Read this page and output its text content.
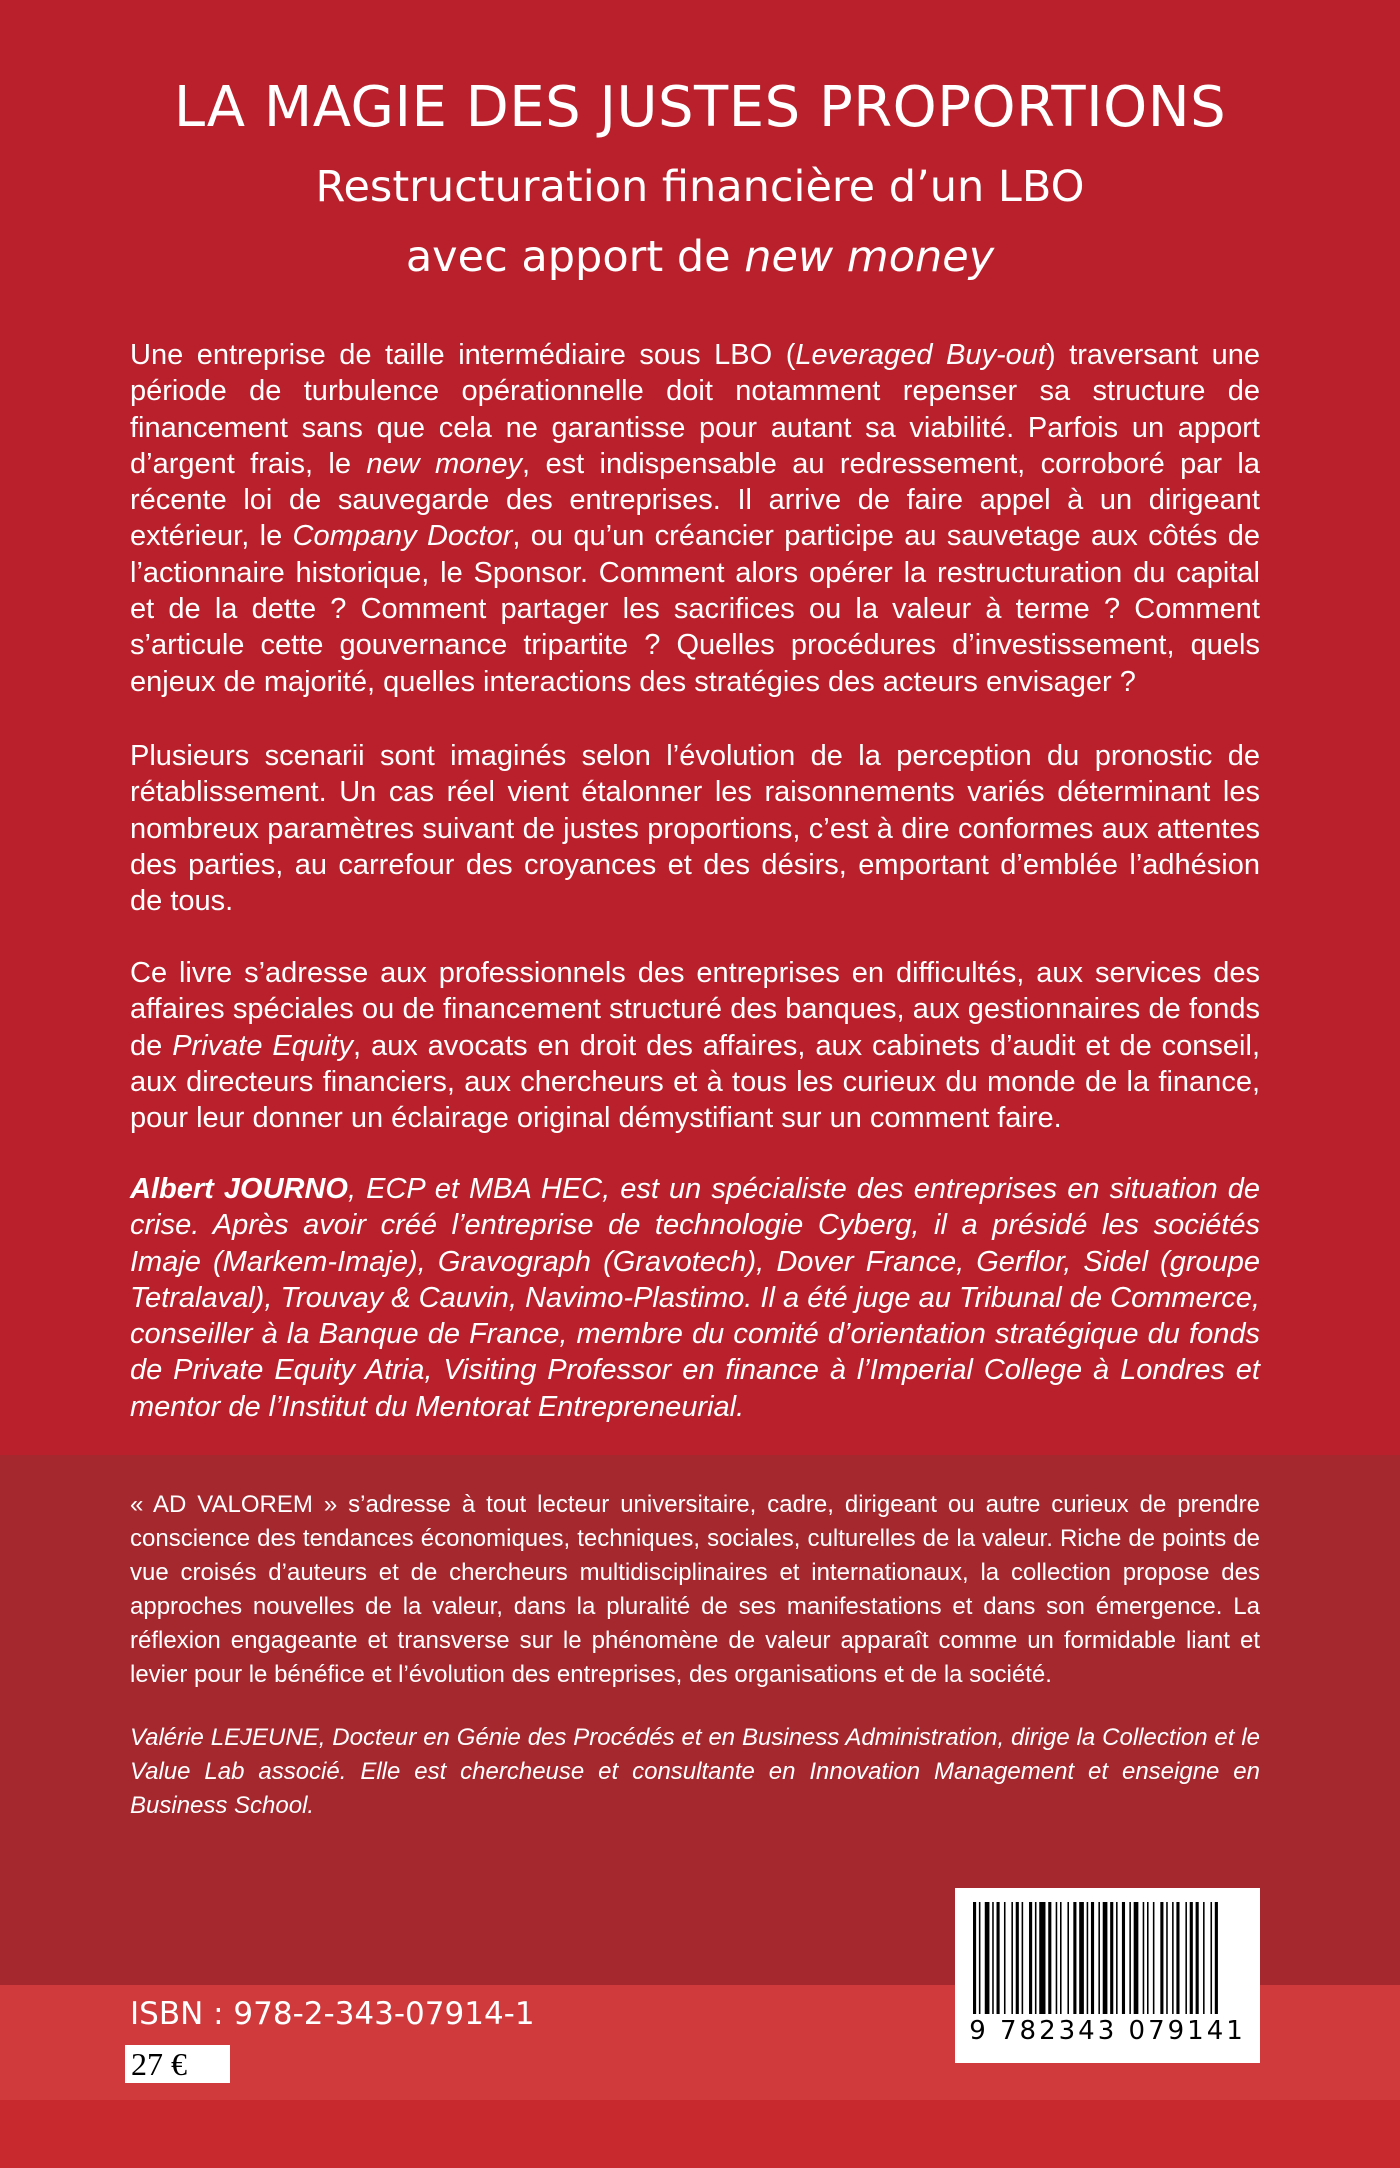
LA MAGIE DES JUSTES PROPORTIONS

Restructuration financière d’un LBO

avec apport de new money

Une entreprise de taille intermédiaire sous LBO (Leveraged Buy-out) traversant une période de turbulence opérationnelle doit notamment repenser sa structure de financement sans que cela ne garantisse pour autant sa viabilité. Parfois un apport d’argent frais, le new money, est indispensable au redressement, corroboré par la récente loi de sauvegarde des entreprises. Il arrive de faire appel à un dirigeant extérieur, le Company Doctor, ou qu’un créancier participe au sauvetage aux côtés de l’actionnaire historique, le Sponsor. Comment alors opérer la restructuration du capital et de la dette ? Comment partager les sacrifices ou la valeur à terme ? Comment s’articule cette gouvernance tripartite ? Quelles procédures d’investissement, quels enjeux de majorité, quelles interactions des stratégies des acteurs envisager ?

Plusieurs scenarii sont imaginés selon l’évolution de la perception du pronostic de rétablissement. Un cas réel vient étalonner les raisonnements variés déterminant les nombreux paramètres suivant de justes proportions, c’est à dire conformes aux attentes des parties, au carrefour des croyances et des désirs, emportant d’emblée l’adhésion de tous.

Ce livre s’adresse aux professionnels des entreprises en difficultés, aux services des affaires spéciales ou de financement structuré des banques, aux gestionnaires de fonds de Private Equity, aux avocats en droit des affaires, aux cabinets d’audit et de conseil, aux directeurs financiers, aux chercheurs et à tous les curieux du monde de la finance, pour leur donner un éclairage original démystifiant sur un comment faire.

Albert JOURNO, ECP et MBA HEC, est un spécialiste des entreprises en situation de crise. Après avoir créé l’entreprise de technologie Cyberg, il a présidé les sociétés Imaje (Markem-Imaje), Gravograph (Gravotech), Dover France, Gerflor, Sidel (groupe Tetralaval), Trouvay & Cauvin, Navimo-Plastimo. Il a été juge au Tribunal de Commerce, conseiller à la Banque de France, membre du comité d’orientation stratégique du fonds de Private Equity Atria, Visiting Professor en finance à l’Imperial College à Londres et mentor de l’Institut du Mentorat Entrepreneurial.

« AD VALOREM » s’adresse à tout lecteur universitaire, cadre, dirigeant ou autre curieux de prendre conscience des tendances économiques, techniques, sociales, culturelles de la valeur. Riche de points de vue croisés d’auteurs et de chercheurs multidisciplinaires et internationaux, la collection propose des approches nouvelles de la valeur, dans la pluralité de ses manifestations et dans son émergence. La réflexion engageante et transverse sur le phénomène de valeur apparaît comme un formidable liant et levier pour le bénéfice et l’évolution des entreprises, des organisations et de la société.

Valérie LEJEUNE, Docteur en Génie des Procédés et en Business Administration, dirige la Collection et le Value Lab associé. Elle est chercheuse et consultante en Innovation Management et enseigne en Business School.

9 782343 079141

ISBN : 978-2-343-07914-1

27 €
